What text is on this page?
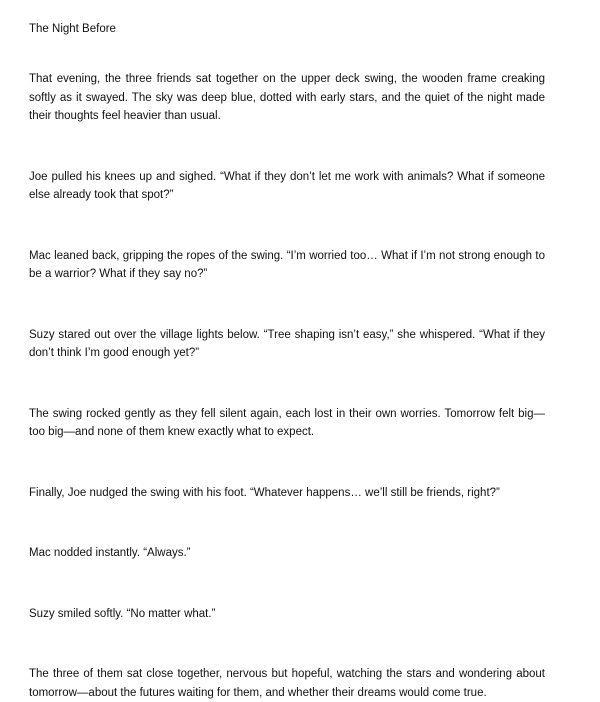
The Night Before

That evening, the three friends sat together on the upper deck swing, the wooden frame creaking softly as it swayed. The sky was deep blue, dotted with early stars, and the quiet of the night made their thoughts feel heavier than usual.

Joe pulled his knees up and sighed. “What if they don’t let me work with animals? What if someone else already took that spot?”

Mac leaned back, gripping the ropes of the swing. “I’m worried too… What if I’m not strong enough to be a warrior? What if they say no?”

Suzy stared out over the village lights below. “Tree shaping isn’t easy,” she whispered. “What if they don’t think I’m good enough yet?”

The swing rocked gently as they fell silent again, each lost in their own worries. Tomorrow felt big—too big—and none of them knew exactly what to expect.

Finally, Joe nudged the swing with his foot. “Whatever happens… we’ll still be friends, right?”

Mac nodded instantly. “Always.”

Suzy smiled softly. “No matter what.”

The three of them sat close together, nervous but hopeful, watching the stars and wondering about tomorrow—about the futures waiting for them, and whether their dreams would come true.
